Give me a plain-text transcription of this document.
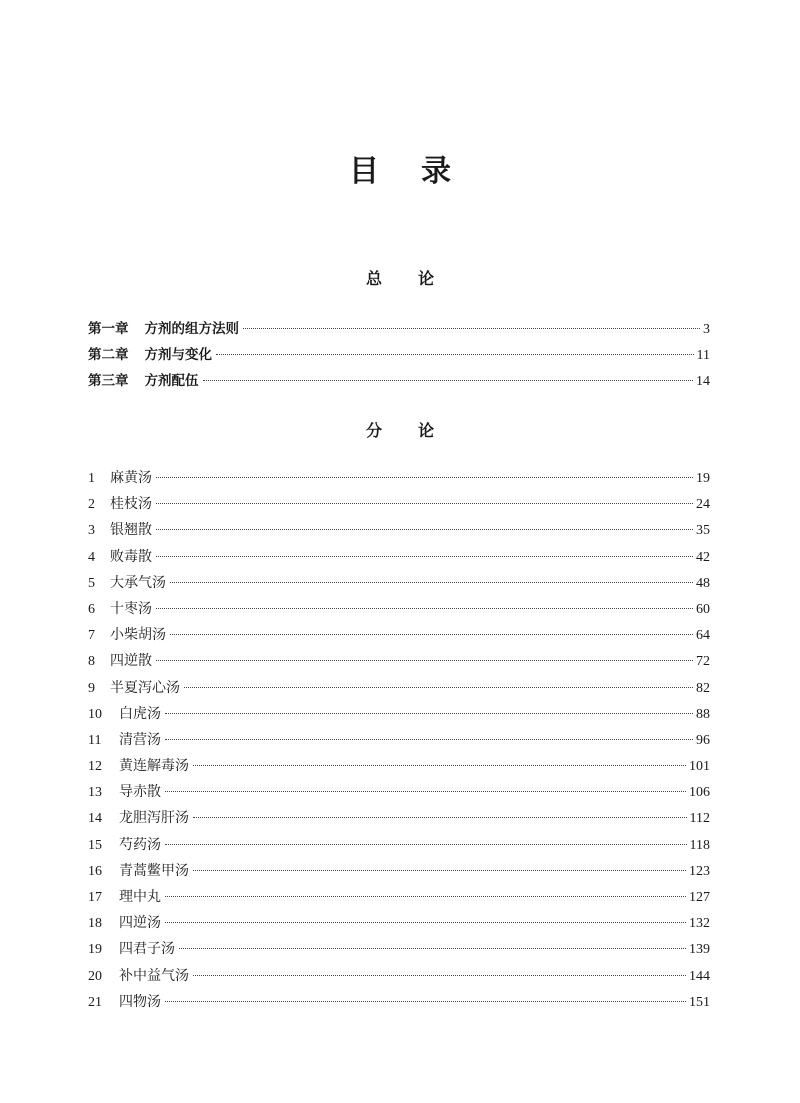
目录
总论
第一章 方剂的组方法则	3
第二章 方剂与变化	11
第三章 方剂配伍	14
分论
1	麻黄汤	19
2	桂枝汤	24
3	银翘散	35
4	败毒散	42
5	大承气汤	48
6	十枣汤	60
7	小柴胡汤	64
8	四逆散	72
9	半夏泻心汤	82
10	白虎汤	88
11	清营汤	96
12	黄连解毒汤	101
13	导赤散	106
14	龙胆泻肝汤	112
15	芍药汤	118
16	青蒿鳖甲汤	123
17	理中丸	127
18	四逆汤	132
19	四君子汤	139
20	补中益气汤	144
21	四物汤	151
